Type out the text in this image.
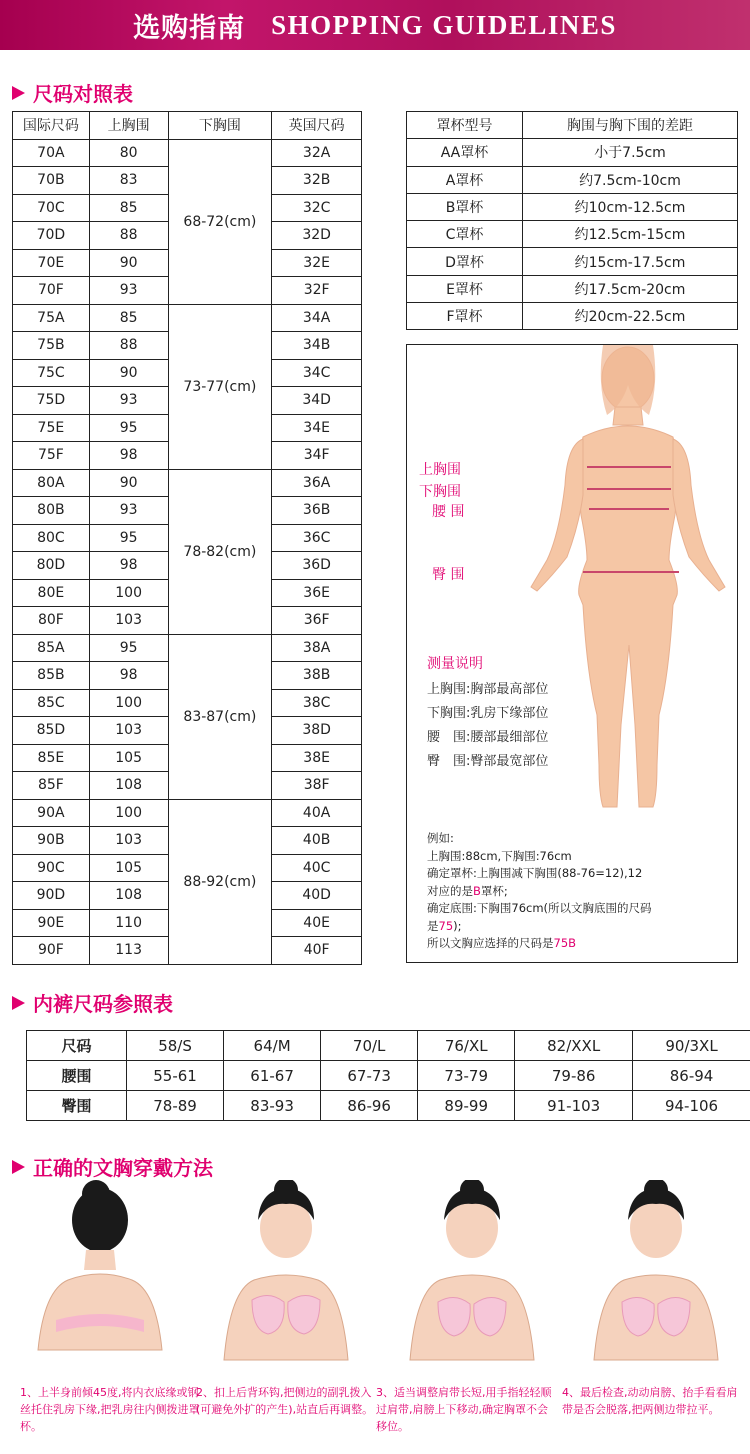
选购指南 SHOPPING GUIDELINES
尺码对照表
国际尺码	上胸围	下胸围	英国尺码
70A	80	68-72(cm)	32A
70B	83		32B
70C	85		32C
70D	88		32D
70E	90		32E
70F	93		32F
75A	85	73-77(cm)	34A
75B	88		34B
75C	90		34C
75D	93		34D
75E	95		34E
75F	98		34F
80A	90	78-82(cm)	36A
80B	93		36B
80C	95		36C
80D	98		36D
80E	100		36E
80F	103		36F
85A	95	83-87(cm)	38A
85B	98		38B
85C	100		38C
85D	103		38D
85E	105		38E
85F	108		38F
90A	100	88-92(cm)	40A
90B	103		40B
90C	105		40C
90D	108		40D
90E	110		40E
90F	113		40F
罩杯型号	胸围与胸下围的差距
AA罩杯	小于7.5cm
A罩杯	约7.5cm-10cm
B罩杯	约10cm-12.5cm
C罩杯	约12.5cm-15cm
D罩杯	约15cm-17.5cm
E罩杯	约17.5cm-20cm
F罩杯	约20cm-22.5cm
上胸围
下胸围
腰 围
臀 围
测量说明
上胸围:胸部最高部位
下胸围:乳房下缘部位
腰　围:腰部最细部位
臀　围:臀部最宽部位
例如:
上胸围:88cm,下胸围:76cm
确定罩杯:上胸围减下胸围(88-76=12),12
对应的是B罩杯;
确定底围:下胸围76cm(所以文胸底围的尺码
是75);
所以文胸应选择的尺码是75B
内裤尺码参照表
尺码	58/S	64/M	70/L	76/XL	82/XXL	90/3XL
腰围	55-61	61-67	67-73	73-79	79-86	86-94
臀围	78-89	83-93	86-96	89-99	91-103	94-106
正确的文胸穿戴方法
1、上半身前倾45度,将内衣底缘或钢丝托住乳房下缘,把乳房往内侧拨进罩杯。
2、扣上后背环钩,把侧边的副乳拨入(可避免外扩的产生),站直后再调整。
3、适当调整肩带长短,用手指轻轻顺过肩带,肩膀上下移动,确定胸罩不会移位。
4、最后检查,动动肩膀、抬手看看肩带是否会脱落,把两侧边带拉平。
